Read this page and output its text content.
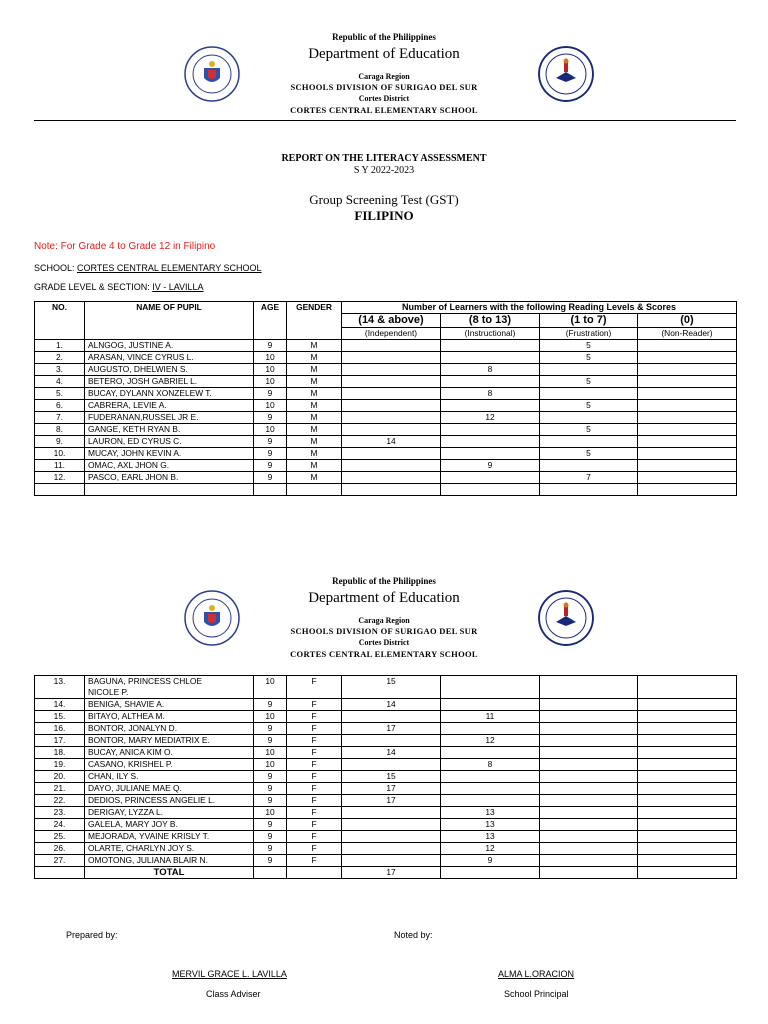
Republic of the Philippines
Department of Education
Caraga Region
SCHOOLS DIVISION OF SURIGAO DEL SUR
Cortes District
CORTES CENTRAL ELEMENTARY SCHOOL
REPORT ON THE LITERACY ASSESSMENT
S Y 2022-2023
Group Screening Test (GST)
FILIPINO
Note: For Grade 4 to Grade 12 in Filipino
SCHOOL: CORTES CENTRAL ELEMENTARY SCHOOL
GRADE LEVEL & SECTION: IV - LAVILLA
NO.	NAME OF PUPIL	AGE	GENDER	Number of Learners with the following Reading Levels & Scores			
				(14 & above)	(8 to 13)	(1 to 7)	(0)
				(Independent)	(Instructional)	(Frustration)	(Non-Reader)
1.	ALNGOG, JUSTINE A.	9	M			5	
2.	ARASAN, VINCE CYRUS L.	10	M			5	
3.	AUGUSTO, DHELWIEN S.	10	M		8		
4.	BETERO, JOSH GABRIEL L.	10	M			5	
5.	BUCAY, DYLANN XONZELEW T.	9	M		8		
6.	CABRERA, LEVIE A.	10	M			5	
7.	FUDERANAN,RUSSEL JR E.	9	M		12		
8.	GANGE, KETH RYAN B.	10	M			5	
9.	LAURON, ED CYRUS C.	9	M	14			
10.	MUCAY, JOHN KEVIN A.	9	M			5	
11.	OMAC, AXL JHON G.	9	M		9		
12.	PASCO, EARL JHON B.	9	M			7	

Republic of the Philippines
Department of Education
Caraga Region
SCHOOLS DIVISION OF SURIGAO DEL SUR
Cortes District
CORTES CENTRAL ELEMENTARY SCHOOL
13.	BAGUNA, PRINCESS CHLOE
NICOLE P.	10	F	15			
14.	BENIGA, SHAVIE A.	9	F	14			
15.	BITAYO, ALTHEA M.	10	F		11		
16.	BONTOR, JONALYN D.	9	F	17			
17.	BONTOR, MARY MEDIATRIX E.	9	F		12		
18.	BUCAY, ANICA KIM O.	10	F	14			
19.	CASANO, KRISHEL P.	10	F		8		
20.	CHAN, ILY S.	9	F	15			
21.	DAYO, JULIANE MAE Q.	9	F	17			
22.	DEDIOS, PRINCESS ANGELIE L.	9	F	17			
23.	DERIGAY, LYZZA L.	10	F		13		
24.	GALELA, MARY JOY B.	9	F		13		
25.	MEJORADA, YVAINE KRISLY T.	9	F		13		
26.	OLARTE, CHARLYN JOY S.	9	F		12		
27.	OMOTONG, JULIANA BLAIR N.	9	F		9		
	TOTAL			17			
Prepared by:	Noted by:
MERVIL GRACE L. LAVILLA
Class Adviser
ALMA L.ORACION
School Principal
